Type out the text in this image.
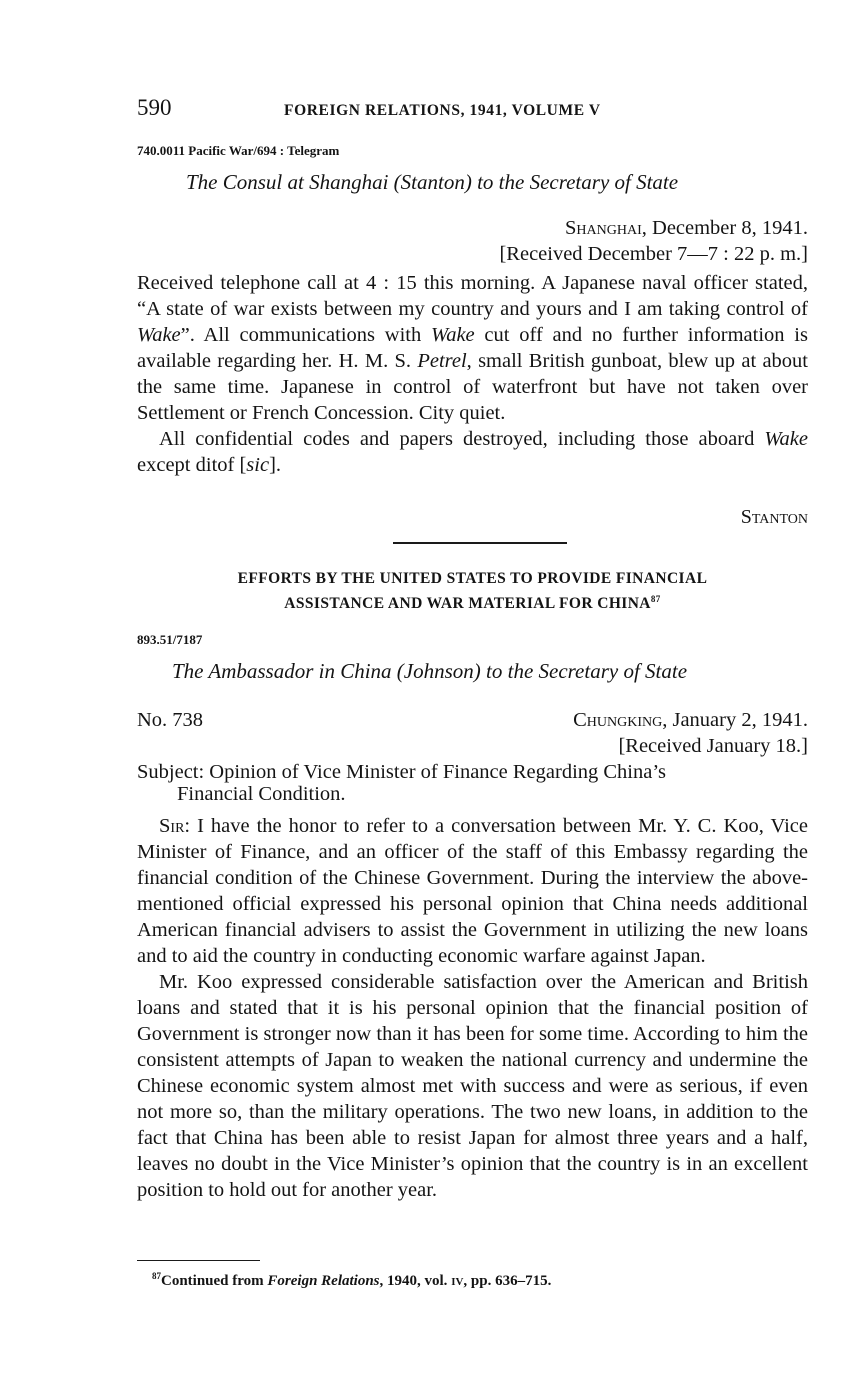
590	FOREIGN RELATIONS, 1941, VOLUME V
740.0011 Pacific War/694 : Telegram
The Consul at Shanghai (Stanton) to the Secretary of State
Shanghai, December 8, 1941.
[Received December 7—7 : 22 p. m.]

Received telephone call at 4 : 15 this morning. A Japanese naval officer stated, “A state of war exists between my country and yours and I am taking control of Wake”. All communications with Wake cut off and no further information is available regarding her. H. M. S. Petrel, small British gunboat, blew up at about the same time. Japanese in control of waterfront but have not taken over Settlement or French Concession. City quiet.

All confidential codes and papers destroyed, including those aboard Wake except ditof [sic].

Stanton
EFFORTS BY THE UNITED STATES TO PROVIDE FINANCIAL
ASSISTANCE AND WAR MATERIAL FOR CHINA$^{87}$
893.51/7187
The Ambassador in China (Johnson) to the Secretary of State
No. 738	Chungking, January 2, 1941.
[Received January 18.]
Subject: Opinion of Vice Minister of Finance Regarding China’s
Financial Condition.

Sir: I have the honor to refer to a conversation between Mr. Y. C. Koo, Vice Minister of Finance, and an officer of the staff of this Embassy regarding the financial condition of the Chinese Government. During the interview the above-mentioned official expressed his personal opinion that China needs additional American financial advisers to assist the Government in utilizing the new loans and to aid the country in conducting economic warfare against Japan.

Mr. Koo expressed considerable satisfaction over the American and British loans and stated that it is his personal opinion that the financial position of Government is stronger now than it has been for some time. According to him the consistent attempts of Japan to weaken the national currency and undermine the Chinese economic system almost met with success and were as serious, if even not more so, than the military operations. The two new loans, in addition to the fact that China has been able to resist Japan for almost three years and a half, leaves no doubt in the Vice Minister’s opinion that the country is in an excellent position to hold out for another year.

$^{87}$Continued from Foreign Relations, 1940, vol. iv, pp. 636–715.
